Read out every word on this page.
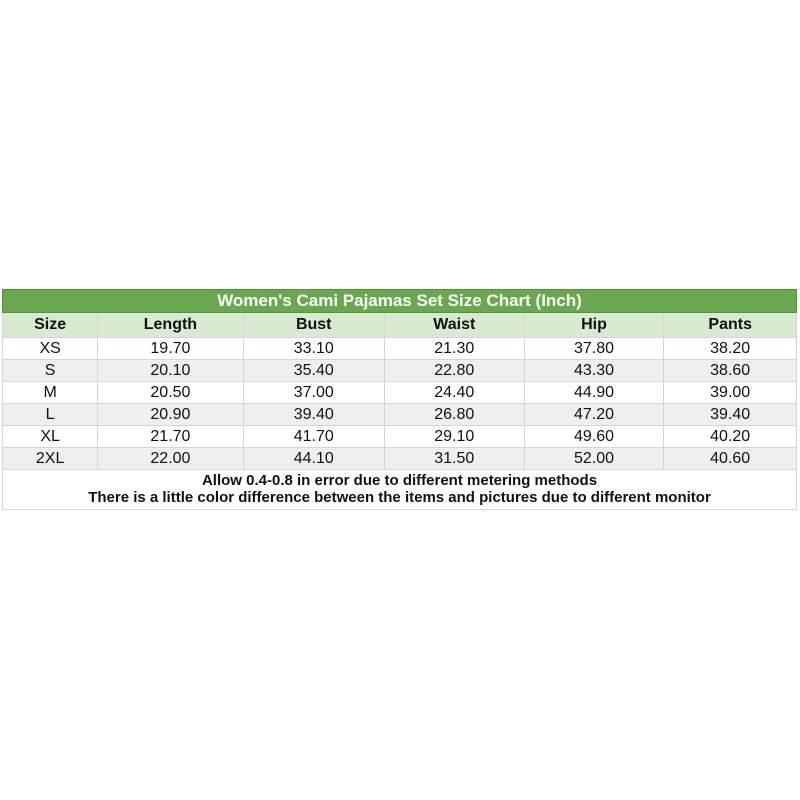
Women's Cami Pajamas Set Size Chart (Inch)					
Size	Length	Bust	Waist	Hip	Pants
XS	19.70	33.10	21.30	37.80	38.20
S	20.10	35.40	22.80	43.30	38.60
M	20.50	37.00	24.40	44.90	39.00
L	20.90	39.40	26.80	47.20	39.40
XL	21.70	41.70	29.10	49.60	40.20
2XL	22.00	44.10	31.50	52.00	40.60

Allow 0.4-0.8 in error due to different metering methods
There is a little color difference between the items and pictures due to different monitor					
